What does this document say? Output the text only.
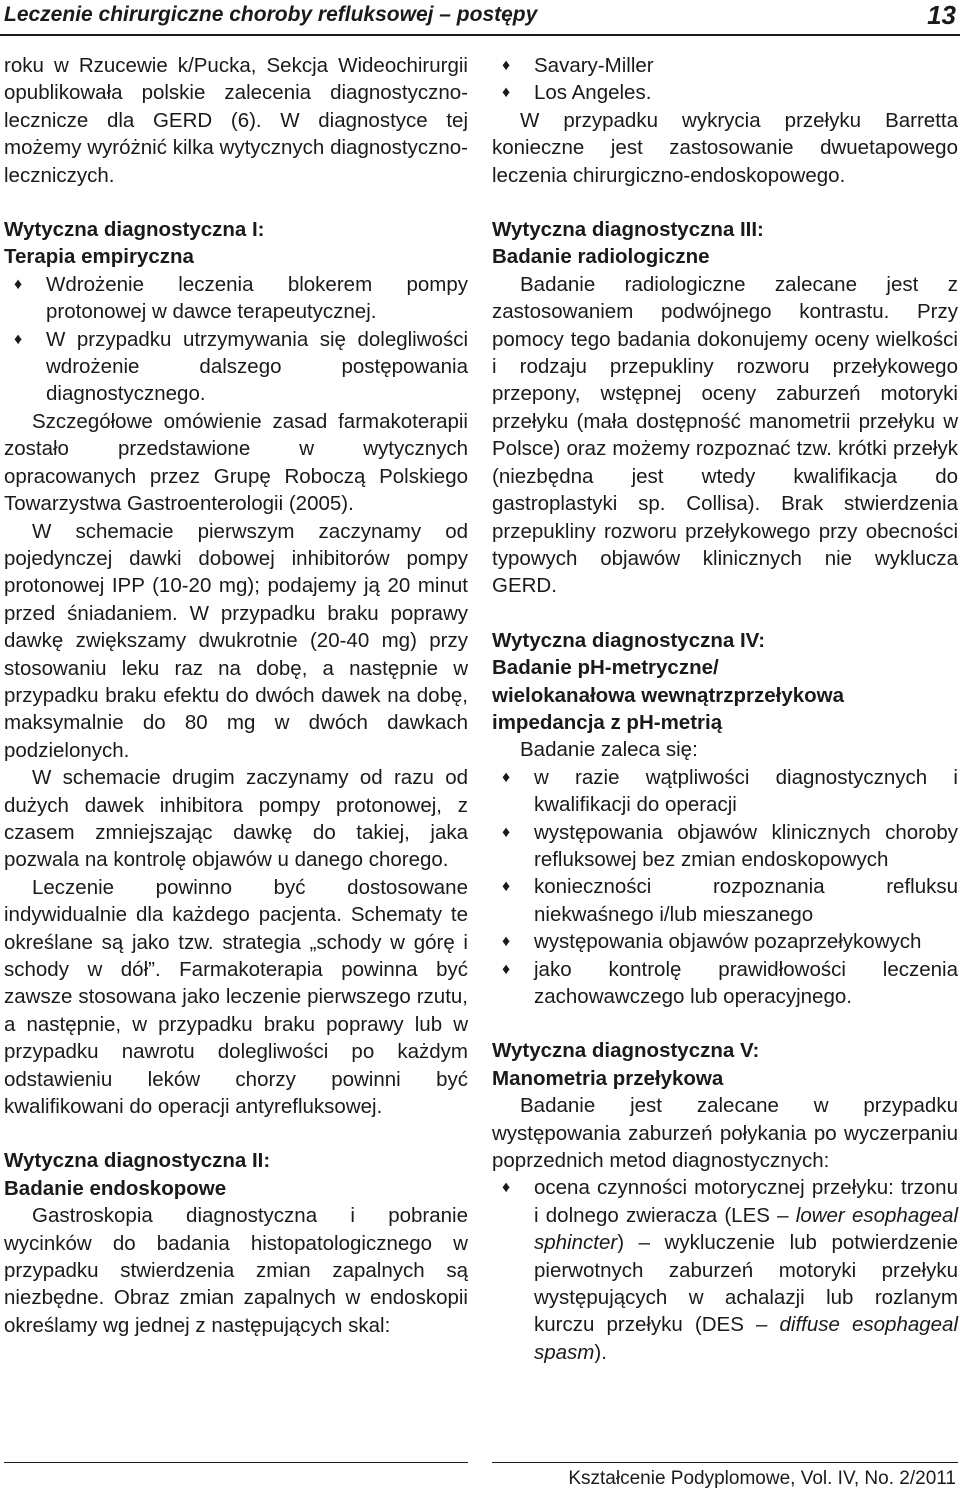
Leczenie chirurgiczne choroby refluksowej – postępy	13

roku w Rzucewie k/Pucka, Sekcja Wideochirurgii opublikowała polskie zalecenia diagnostyczno-lecznicze dla GERD (6). W diagnostyce tej możemy wyróżnić kilka wytycznych diagnostyczno-leczniczych.

Wytyczna diagnostyczna I:
Terapia empiryczna
♦ Wdrożenie leczenia blokerem pompy protonowej w dawce terapeutycznej.
♦ W przypadku utrzymywania się dolegliwości wdrożenie dalszego postępowania diagnostycznego.

Szczegółowe omówienie zasad farmakoterapii zostało przedstawione w wytycznych opracowanych przez Grupę Roboczą Polskiego Towarzystwa Gastroenterologii (2005).

W schemacie pierwszym zaczynamy od pojedynczej dawki dobowej inhibitorów pompy protonowej IPP (10-20 mg); podajemy ją 20 minut przed śniadaniem. W przypadku braku poprawy dawkę zwiększamy dwukrotnie (20-40 mg) przy stosowaniu leku raz na dobę, a następnie w przypadku braku efektu do dwóch dawek na dobę, maksymalnie do 80 mg w dwóch dawkach podzielonych.

W schemacie drugim zaczynamy od razu od dużych dawek inhibitora pompy protonowej, z czasem zmniejszając dawkę do takiej, jaka pozwala na kontrolę objawów u danego chorego.

Leczenie powinno być dostosowane indywidualnie dla każdego pacjenta. Schematy te określane są jako tzw. strategia „schody w górę i schody w dół”. Farmakoterapia powinna być zawsze stosowana jako leczenie pierwszego rzutu, a następnie, w przypadku braku poprawy lub w przypadku nawrotu dolegliwości po każdym odstawieniu leków chorzy powinni być kwalifikowani do operacji antyrefluksowej.

Wytyczna diagnostyczna II:
Badanie endoskopowe

Gastroskopia diagnostyczna i pobranie wycinków do badania histopatologicznego w przypadku stwierdzenia zmian zapalnych są niezbędne. Obraz zmian zapalnych w endoskopii określamy wg jednej z następujących skal:

♦ Savary-Miller
♦ Los Angeles.

W przypadku wykrycia przełyku Barretta konieczne jest zastosowanie dwuetapowego leczenia chirurgiczno-endoskopowego.

Wytyczna diagnostyczna III:
Badanie radiologiczne

Badanie radiologiczne zalecane jest z zastosowaniem podwójnego kontrastu. Przy pomocy tego badania dokonujemy oceny wielkości i rodzaju przepukliny rozworu przełykowego przepony, wstępnej oceny zaburzeń motoryki przełyku (mała dostępność manometrii przełyku w Polsce) oraz możemy rozpoznać tzw. krótki przełyk (niezbędna jest wtedy kwalifikacja do gastroplastyki sp. Collisa). Brak stwierdzenia przepukliny rozworu przełykowego przy obecności typowych objawów klinicznych nie wyklucza GERD.

Wytyczna diagnostyczna IV:
Badanie pH-metryczne/
wielokanałowa wewnątrzprzełykowa
impedancja z pH-metrią

Badanie zaleca się:

♦ w razie wątpliwości diagnostycznych i kwalifikacji do operacji
♦ występowania objawów klinicznych choroby refluksowej bez zmian endoskopowych
♦ konieczności rozpoznania refluksu niekwaśnego i/lub mieszanego
♦ występowania objawów pozaprzełykowych
♦ jako kontrolę prawidłowości leczenia zachowawczego lub operacyjnego.
Wytyczna diagnostyczna V:
Manometria przełykowa

Badanie jest zalecane w przypadku występowania zaburzeń połykania po wyczerpaniu poprzednich metod diagnostycznych:

♦ ocena czynności motorycznej przełyku: trzonu i dolnego zwieracza (LES – lower esophageal sphincter) – wykluczenie lub potwierdzenie pierwotnych zaburzeń motoryki przełyku występujących w achalazji lub rozlanym kurczu przełyku (DES – diffuse esophageal spasm).
Kształcenie Podyplomowe, Vol. IV, No. 2/2011
